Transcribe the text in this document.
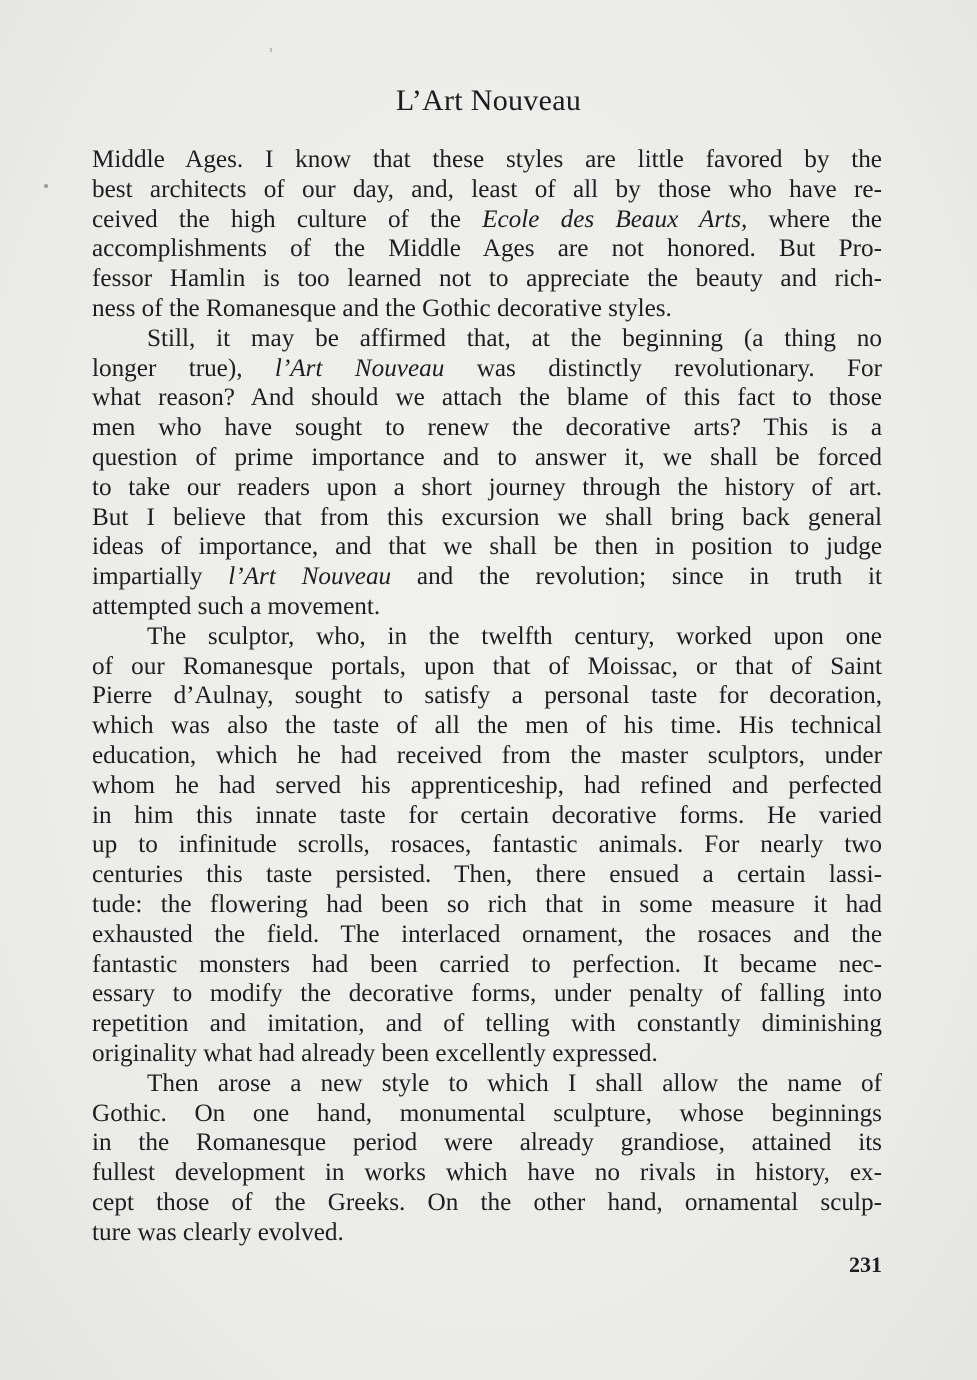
L’Art Nouveau
Middle Ages. I know that these styles are little favored by the
best architects of our day, and, least of all by those who have re-
ceived the high culture of the Ecole des Beaux Arts, where the
accomplishments of the Middle Ages are not honored. But Pro-
fessor Hamlin is too learned not to appreciate the beauty and rich-
ness of the Romanesque and the Gothic decorative styles.
Still, it may be affirmed that, at the beginning (a thing no
longer true), l’Art Nouveau was distinctly revolutionary. For
what reason? And should we attach the blame of this fact to those
men who have sought to renew the decorative arts? This is a
question of prime importance and to answer it, we shall be forced
to take our readers upon a short journey through the history of art.
But I believe that from this excursion we shall bring back general
ideas of importance, and that we shall be then in position to judge
impartially l’Art Nouveau and the revolution; since in truth it
attempted such a movement.
The sculptor, who, in the twelfth century, worked upon one
of our Romanesque portals, upon that of Moissac, or that of Saint
Pierre d’Aulnay, sought to satisfy a personal taste for decoration,
which was also the taste of all the men of his time. His technical
education, which he had received from the master sculptors, under
whom he had served his apprenticeship, had refined and perfected
in him this innate taste for certain decorative forms. He varied
up to infinitude scrolls, rosaces, fantastic animals. For nearly two
centuries this taste persisted. Then, there ensued a certain lassi-
tude: the flowering had been so rich that in some measure it had
exhausted the field. The interlaced ornament, the rosaces and the
fantastic monsters had been carried to perfection. It became nec-
essary to modify the decorative forms, under penalty of falling into
repetition and imitation, and of telling with constantly diminishing
originality what had already been excellently expressed.
Then arose a new style to which I shall allow the name of
Gothic. On one hand, monumental sculpture, whose beginnings
in the Romanesque period were already grandiose, attained its
fullest development in works which have no rivals in history, ex-
cept those of the Greeks. On the other hand, ornamental sculp-
ture was clearly evolved.
231
